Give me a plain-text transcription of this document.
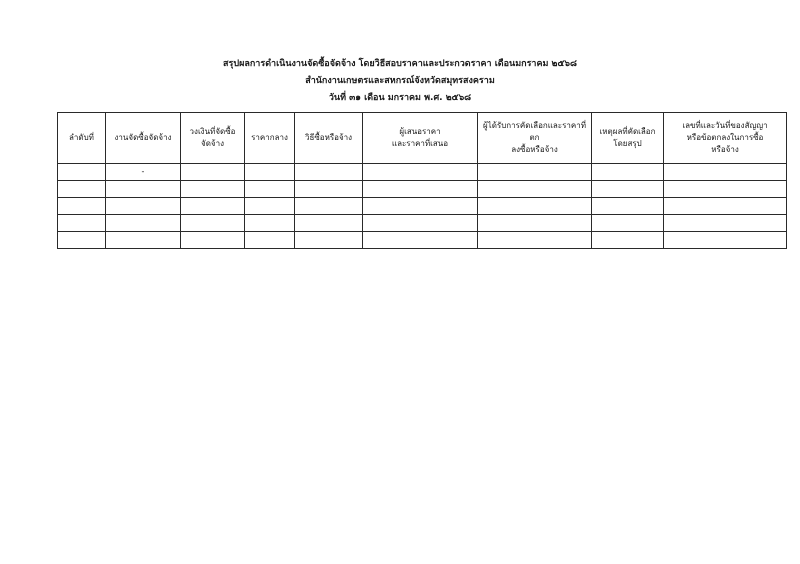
สรุปผลการดำเนินงานจัดซื้อจัดจ้าง โดยวิธีสอบราคาและประกวดราคา เดือนมกราคม ๒๕๖๘
สำนักงานเกษตรและสหกรณ์จังหวัดสมุทรสงคราม
วันที่ ๓๑ เดือน มกราคม พ.ศ. ๒๕๖๘
ลำดับที่	งานจัดซื้อจัดจ้าง	วงเงินที่จัดซื้อ
จัดจ้าง	ราคากลาง	วิธีซื้อหรือจ้าง	ผู้เสนอราคา
และราคาที่เสนอ	ผู้ได้รับการคัดเลือกและราคาที่ตก
ลงซื้อหรือจ้าง	เหตุผลที่คัดเลือก
โดยสรุป	เลขที่และวันที่ของสัญญา
หรือข้อตกลงในการซื้อ
หรือจ้าง
	-							
